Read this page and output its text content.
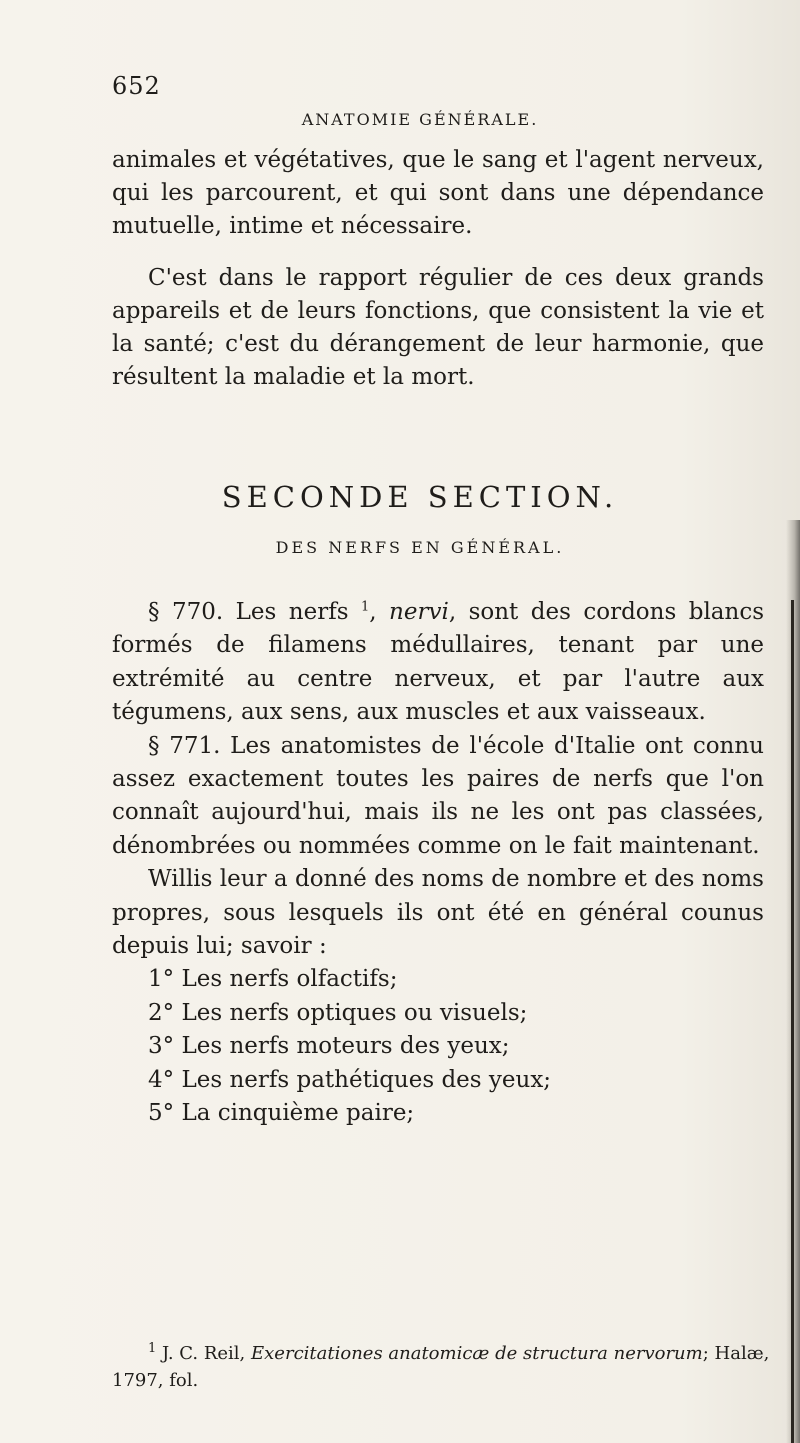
652
ANATOMIE GÉNÉRALE.

animales et végétatives, que le sang et l'agent nerveux, qui les parcourent, et qui sont dans une dépendance mutuelle, intime et nécessaire.

C'est dans le rapport régulier de ces deux grands appareils et de leurs fonctions, que consistent la vie et la santé; c'est du dérangement de leur harmonie, que résultent la maladie et la mort.

SECONDE SECTION.
DES NERFS EN GÉNÉRAL.

§ 770. Les nerfs $^1$, nervi, sont des cordons blancs formés de filamens médullaires, tenant par une extrémité au centre nerveux, et par l'autre aux tégumens, aux sens, aux muscles et aux vaisseaux.

§ 771. Les anatomistes de l'école d'Italie ont connu assez exactement toutes les paires de nerfs que l'on connaît aujourd'hui, mais ils ne les ont pas classées, dénombrées ou nommées comme on le fait maintenant.

Willis leur a donné des noms de nombre et des noms propres, sous lesquels ils ont été en général counus depuis lui; savoir :

1° Les nerfs olfactifs;

2° Les nerfs optiques ou visuels;

3° Les nerfs moteurs des yeux;

4° Les nerfs pathétiques des yeux;

5° La cinquième paire;

$^1$ J. C. Reil, Exercitationes anatomicæ de structura nervorum; Halæ, 1797, fol.
